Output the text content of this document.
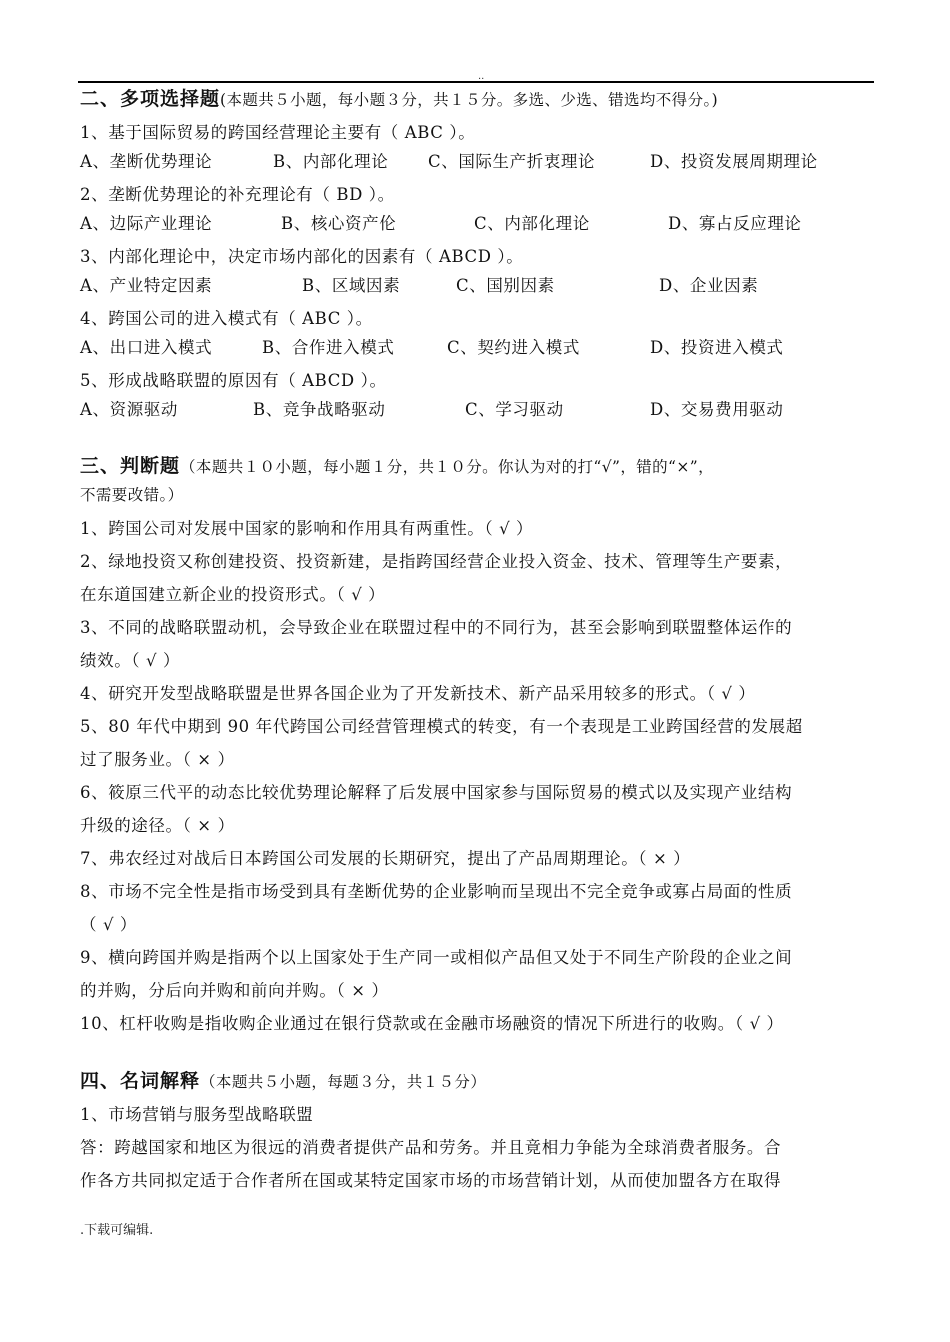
..
二、多项选择题(本题共５小题，每小题３分，共１５分。多选、少选、错选均不得分。)
1、基于国际贸易的跨国经营理论主要有（ ABC ）。
A、垄断优势理论	B、内部化理论	C、国际生产折衷理论	D、投资发展周期理论
2、垄断优势理论的补充理论有（ BD ）。
A、边际产业理论	B、核心资产伦	C、内部化理论	D、寡占反应理论
3、内部化理论中，决定市场内部化的因素有（ ABCD ）。
A、产业特定因素	B、区域因素	C、国别因素	D、企业因素
4、跨国公司的进入模式有（ ABC ）。
A、出口进入模式	B、合作进入模式	C、契约进入模式	D、投资进入模式
5、形成战略联盟的原因有（ ABCD ）。
A、资源驱动	B、竞争战略驱动	C、学习驱动	D、交易费用驱动
三、判断题（本题共１０小题，每小题１分，共１０分。你认为对的打“√”，错的“×”，
不需要改错。）
1、跨国公司对发展中国家的影响和作用具有两重性。（ √ ）
2、绿地投资又称创建投资、投资新建，是指跨国经营企业投入资金、技术、管理等生产要素，
在东道国建立新企业的投资形式。（ √ ）
3、不同的战略联盟动机，会导致企业在联盟过程中的不同行为，甚至会影响到联盟整体运作的
绩效。（ √ ）
4、研究开发型战略联盟是世界各国企业为了开发新技术、新产品采用较多的形式。（ √ ）
5、80 年代中期到 90 年代跨国公司经营管理模式的转变，有一个表现是工业跨国经营的发展超
过了服务业。（ × ）
6、筱原三代平的动态比较优势理论解释了后发展中国家参与国际贸易的模式以及实现产业结构
升级的途径。（ × ）
7、弗农经过对战后日本跨国公司发展的长期研究，提出了产品周期理论。（ × ）
8、市场不完全性是指市场受到具有垄断优势的企业影响而呈现出不完全竞争或寡占局面的性质
（ √ ）
9、横向跨国并购是指两个以上国家处于生产同一或相似产品但又处于不同生产阶段的企业之间
的并购，分后向并购和前向并购。（ × ）
10、杠杆收购是指收购企业通过在银行贷款或在金融市场融资的情况下所进行的收购。（ √ ）
四、名词解释（本题共５小题，每题３分，共１５分）
1、市场营销与服务型战略联盟
答：跨越国家和地区为很远的消费者提供产品和劳务。并且竟相力争能为全球消费者服务。合
作各方共同拟定适于合作者所在国或某特定国家市场的市场营销计划，从而使加盟各方在取得
.下载可编辑.
